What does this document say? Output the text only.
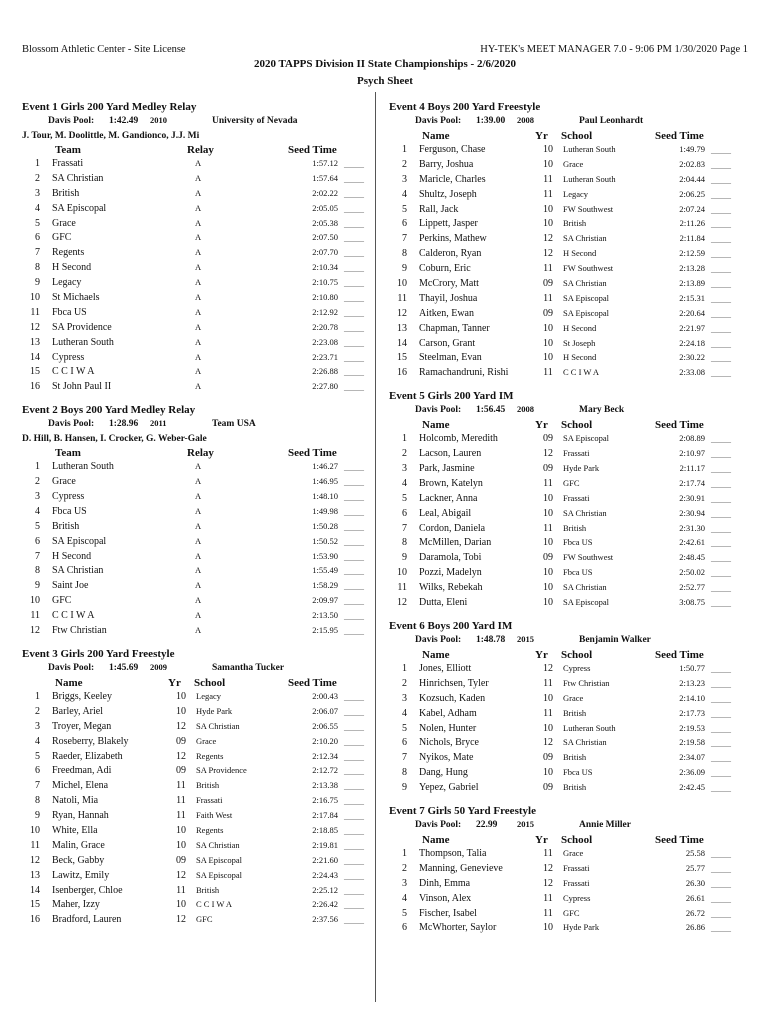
Blossom Athletic Center - Site License	HY-TEK's MEET MANAGER 7.0 - 9:06 PM 1/30/2020 Page 1
2020 TAPPS Division II State Championships - 2/6/2020
Psych Sheet
Event 1 Girls 200 Yard Medley Relay
Davis Pool: 1:42.49 2010	University of Nevada
J. Tour, M. Doolittle, M. Gandionco, J.J. Mi
Team	Relay	Seed Time
1 Frassati	A	1:57.12 _____
2 SA Christian	A	1:57.64 _____
3 British	A	2:02.22 _____
4 SA Episcopal	A	2:05.05 _____
5 Grace	A	2:05.38 _____
6 GFC	A	2:07.50 _____
7 Regents	A	2:07.70 _____
8 H Second	A	2:10.34 _____
9 Legacy	A	2:10.75 _____
10 St Michaels	A	2:10.80 _____
11 Fbca US	A	2:12.92 _____
12 SA Providence	A	2:20.78 _____
13 Lutheran South	A	2:23.08 _____
14 Cypress	A	2:23.71 _____
15 C C I W A	A	2:26.88 _____
16 St John Paul II	A	2:27.80 _____
Event 2 Boys 200 Yard Medley Relay
Davis Pool: 1:28.96 2011	Team USA
D. Hill, B. Hansen, I. Crocker, G. Weber-Gale
Team	Relay	Seed Time
1 Lutheran South	A	1:46.27 _____
2 Grace	A	1:46.95 _____
3 Cypress	A	1:48.10 _____
4 Fbca US	A	1:49.98 _____
5 British	A	1:50.28 _____
6 SA Episcopal	A	1:50.52 _____
7 H Second	A	1:53.90 _____
8 SA Christian	A	1:55.49 _____
9 Saint Joe	A	1:58.29 _____
10 GFC	A	2:09.97 _____
11 C C I W A	A	2:13.50 _____
12 Ftw Christian	A	2:15.95 _____
Event 3 Girls 200 Yard Freestyle
Davis Pool: 1:45.69 2009	Samantha Tucker
Name	Yr School	Seed Time
1 Briggs, Keeley	10	Legacy	2:00.43 _____
2 Barley, Ariel	10	Hyde Park	2:06.07 _____
3 Troyer, Megan	12	SA Christian	2:06.55 _____
4 Roseberry, Blakely	09	Grace	2:10.20 _____
5 Raeder, Elizabeth	12	Regents	2:12.34 _____
6 Freedman, Adi	09	SA Providence	2:12.72 _____
7 Michel, Elena	11	British	2:13.38 _____
8 Natoli, Mia	11	Frassati	2:16.75 _____
9 Ryan, Hannah	11	Faith West	2:17.84 _____
10 White, Ella	10	Regents	2:18.85 _____
11 Malin, Grace	10	SA Christian	2:19.81 _____
12 Beck, Gabby	09	SA Episcopal	2:21.60 _____
13 Lawitz, Emily	12	SA Episcopal	2:24.43 _____
14 Isenberger, Chloe	11	British	2:25.12 _____
15 Maher, Izzy	10	C C I W A	2:26.42 _____
16 Bradford, Lauren	12	GFC	2:37.56 _____
Event 4 Boys 200 Yard Freestyle
Davis Pool: 1:39.00 2008	Paul Leonhardt
Name	Yr School	Seed Time
1 Ferguson, Chase	10	Lutheran South	1:49.79 _____
2 Barry, Joshua	10	Grace	2:02.83 _____
3 Maricle, Charles	11	Lutheran South	2:04.44 _____
4 Shultz, Joseph	11	Legacy	2:06.25 _____
5 Rall, Jack	10	FW Southwest	2:07.24 _____
6 Lippett, Jasper	10	British	2:11.26 _____
7 Perkins, Mathew	12	SA Christian	2:11.84 _____
8 Calderon, Ryan	12	H Second	2:12.59 _____
9 Coburn, Eric	11	FW Southwest	2:13.28 _____
10 McCrory, Matt	09	SA Christian	2:13.89 _____
11 Thayil, Joshua	11	SA Episcopal	2:15.31 _____
12 Aitken, Ewan	09	SA Episcopal	2:20.64 _____
13 Chapman, Tanner	10	H Second	2:21.97 _____
14 Carson, Grant	10	St Joseph	2:24.18 _____
15 Steelman, Evan	10	H Second	2:30.22 _____
16 Ramachandruni, Rishi	11	C C I W A	2:33.08 _____
Event 5 Girls 200 Yard IM
Davis Pool: 1:56.45 2008	Mary Beck
Name	Yr School	Seed Time
1 Holcomb, Meredith	09	SA Episcopal	2:08.89 _____
2 Lacson, Lauren	12	Frassati	2:10.97 _____
3 Park, Jasmine	09	Hyde Park	2:11.17 _____
4 Brown, Katelyn	11	GFC	2:17.74 _____
5 Lackner, Anna	10	Frassati	2:30.91 _____
6 Leal, Abigail	10	SA Christian	2:30.94 _____
7 Cordon, Daniela	11	British	2:31.30 _____
8 McMillen, Darian	10	Fbca US	2:42.61 _____
9 Daramola, Tobi	09	FW Southwest	2:48.45 _____
10 Pozzi, Madelyn	10	Fbca US	2:50.02 _____
11 Wilks, Rebekah	10	SA Christian	2:52.77 _____
12 Dutta, Eleni	10	SA Episcopal	3:08.75 _____
Event 6 Boys 200 Yard IM
Davis Pool: 1:48.78 2015	Benjamin Walker
Name	Yr School	Seed Time
1 Jones, Elliott	12	Cypress	1:50.77 _____
2 Hinrichsen, Tyler	11	Ftw Christian	2:13.23 _____
3 Kozsuch, Kaden	10	Grace	2:14.10 _____
4 Kabel, Adham	11	British	2:17.73 _____
5 Nolen, Hunter	10	Lutheran South	2:19.53 _____
6 Nichols, Bryce	12	SA Christian	2:19.58 _____
7 Nyikos, Mate	09	British	2:34.07 _____
8 Dang, Hung	10	Fbca US	2:36.09 _____
9 Yepez, Gabriel	09	British	2:42.45 _____
Event 7 Girls 50 Yard Freestyle
Davis Pool: 22.99 2015	Annie Miller
Name	Yr School	Seed Time
1 Thompson, Talia	11	Grace	25.58 _____
2 Manning, Genevieve	12	Frassati	25.77 _____
3 Dinh, Emma	12	Frassati	26.30 _____
4 Vinson, Alex	11	Cypress	26.61 _____
5 Fischer, Isabel	11	GFC	26.72 _____
6 McWhorter, Saylor	10	Hyde Park	26.86 _____
